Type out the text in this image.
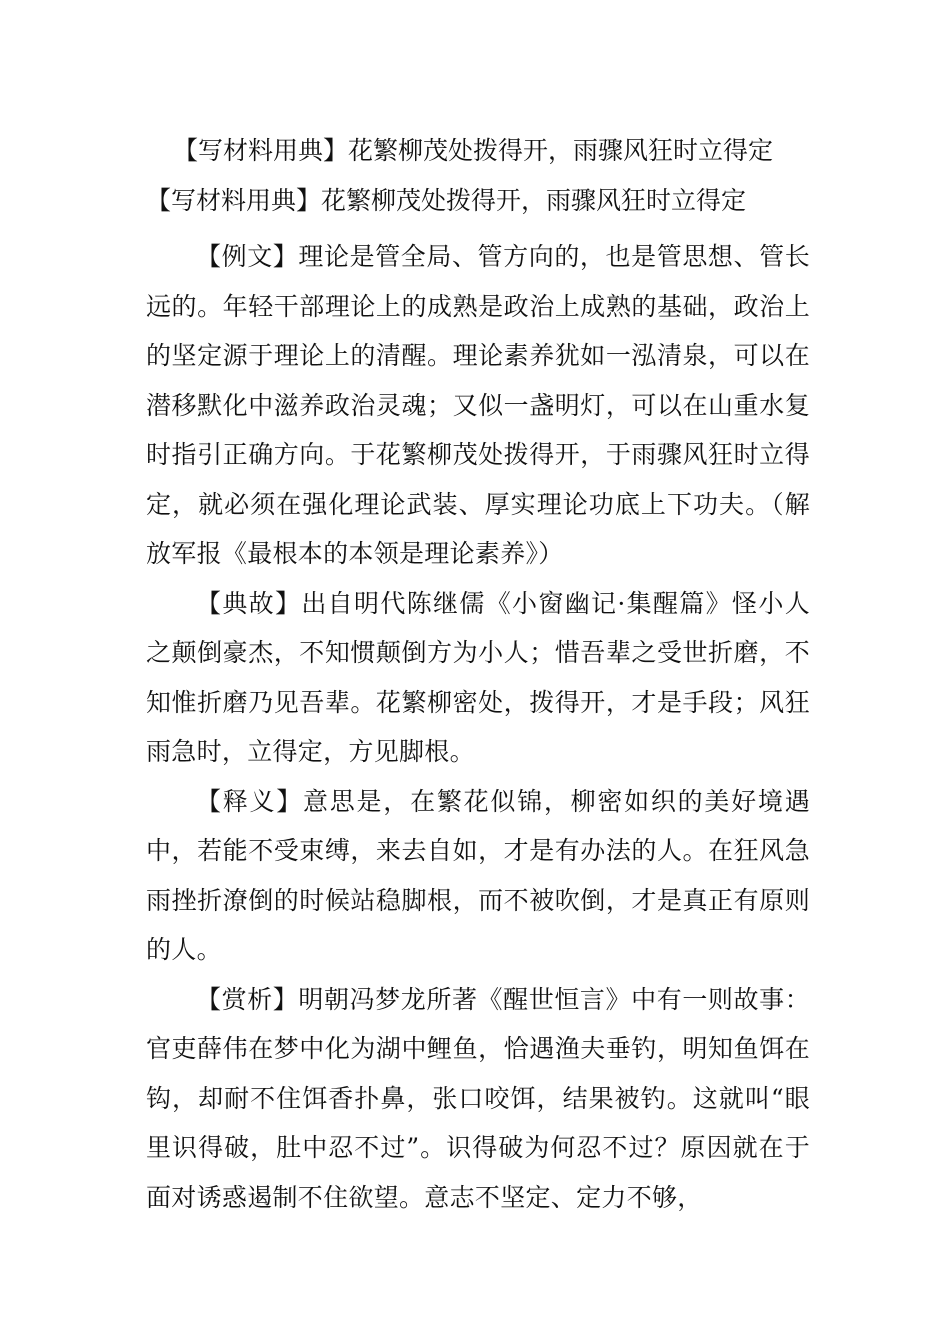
【写材料用典】花繁柳茂处拨得开，雨骤风狂时立得定
【写材料用典】花繁柳茂处拨得开，雨骤风狂时立得定

【例文】理论是管全局、管方向的，也是管思想、管长远的。年轻干部理论上的成熟是政治上成熟的基础，政治上的坚定源于理论上的清醒。理论素养犹如一泓清泉，可以在潜移默化中滋养政治灵魂；又似一盏明灯，可以在山重水复时指引正确方向。于花繁柳茂处拨得开，于雨骤风狂时立得定，就必须在强化理论武装、厚实理论功底上下功夫。（解放军报《最根本的本领是理论素养》）

【典故】出自明代陈继儒《小窗幽记·集醒篇》怪小人之颠倒豪杰，不知惯颠倒方为小人；惜吾辈之受世折磨，不知惟折磨乃见吾辈。花繁柳密处，拨得开，才是手段；风狂雨急时，立得定，方见脚根。

【释义】意思是，在繁花似锦，柳密如织的美好境遇中，若能不受束缚，来去自如，才是有办法的人。在狂风急雨挫折潦倒的时候站稳脚根，而不被吹倒，才是真正有原则的人。

【赏析】明朝冯梦龙所著《醒世恒言》中有一则故事：官吏薛伟在梦中化为湖中鲤鱼，恰遇渔夫垂钓，明知鱼饵在钩，却耐不住饵香扑鼻，张口咬饵，结果被钓。这就叫“眼里识得破，肚中忍不过”。识得破为何忍不过？原因就在于面对诱惑遏制不住欲望。意志不坚定、定力不够，
